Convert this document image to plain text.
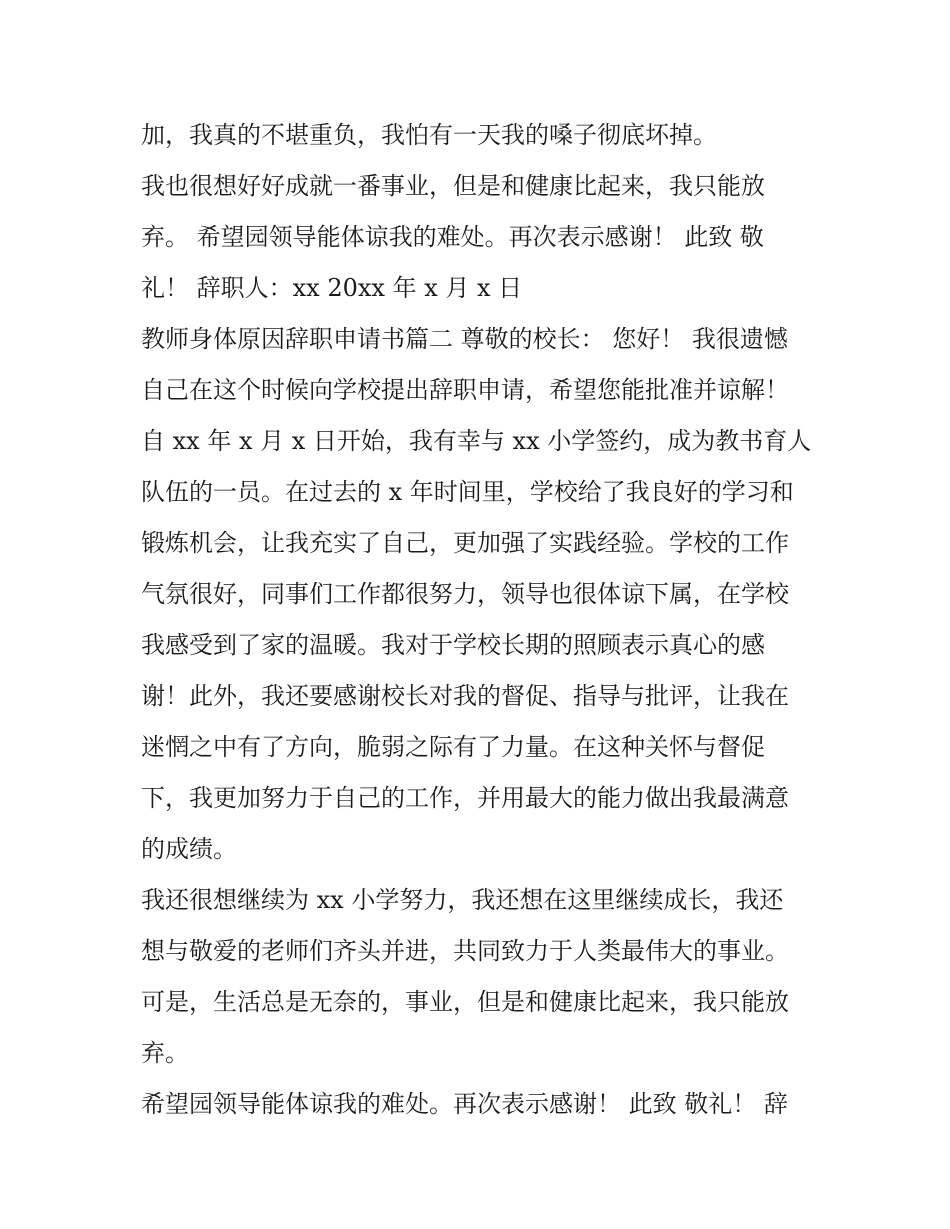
加，我真的不堪重负，我怕有一天我的嗓子彻底坏掉。
我也很想好好成就一番事业，但是和健康比起来，我只能放
弃。 希望园领导能体谅我的难处。再次表示感谢！ 此致 敬
礼！ 辞职人：xx 20xx 年 x 月 x 日
教师身体原因辞职申请书篇二 尊敬的校长： 您好！ 我很遗憾
自己在这个时候向学校提出辞职申请，希望您能批准并谅解！
自 xx 年 x 月 x 日开始，我有幸与 xx 小学签约，成为教书育人
队伍的一员。在过去的 x 年时间里，学校给了我良好的学习和
锻炼机会，让我充实了自己，更加强了实践经验。学校的工作
气氛很好，同事们工作都很努力，领导也很体谅下属，在学校
我感受到了家的温暖。我对于学校长期的照顾表示真心的感
谢！此外，我还要感谢校长对我的督促、指导与批评，让我在
迷惘之中有了方向，脆弱之际有了力量。在这种关怀与督促
下，我更加努力于自己的工作，并用最大的能力做出我最满意
的成绩。
我还很想继续为 xx 小学努力，我还想在这里继续成长，我还
想与敬爱的老师们齐头并进，共同致力于人类最伟大的事业。
可是，生活总是无奈的，事业，但是和健康比起来，我只能放
弃。
希望园领导能体谅我的难处。再次表示感谢！ 此致 敬礼！ 辞
